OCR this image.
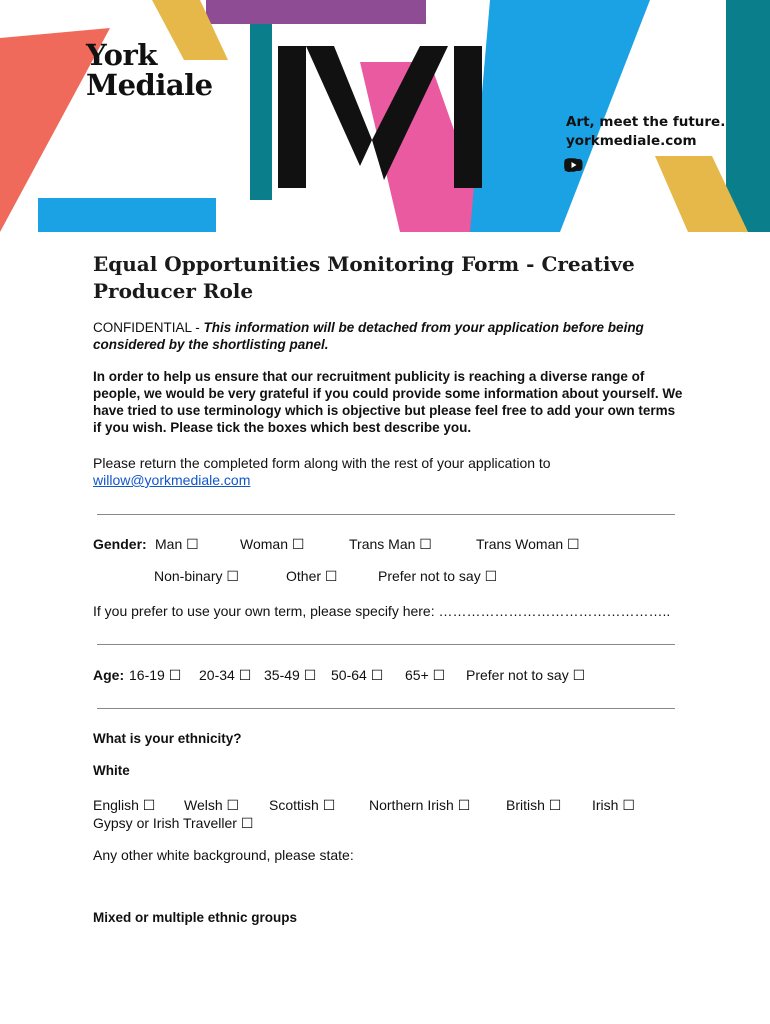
York
Mediale
Art, meet the future.
yorkmediale.com
Equal Opportunities Monitoring Form - Creative Producer Role

CONFIDENTIAL - This information will be detached from your application before being considered by the shortlisting panel.

In order to help us ensure that our recruitment publicity is reaching a diverse range of people, we would be very grateful if you could provide some information about yourself. We have tried to use terminology which is objective but please feel free to add your own terms if you wish. Please tick the boxes which best describe you.

Please return the completed form along with the rest of your application to
willow@yorkmediale.com

Gender: Man ☐	Woman ☐	Trans Man ☐	Trans Woman ☐
Non-binary ☐	Other ☐	Prefer not to say ☐
If you prefer to use your own term, please specify here: …………………………………………..
Age: 16-19 ☐	20-34 ☐ 35-49 ☐	50-64 ☐	65+ ☐	Prefer not to say ☐
What is your ethnicity?
White
English ☐	Welsh ☐	Scottish ☐	Northern Irish ☐	British ☐	Irish ☐
Gypsy or Irish Traveller ☐
Any other white background, please state:
Mixed or multiple ethnic groups
